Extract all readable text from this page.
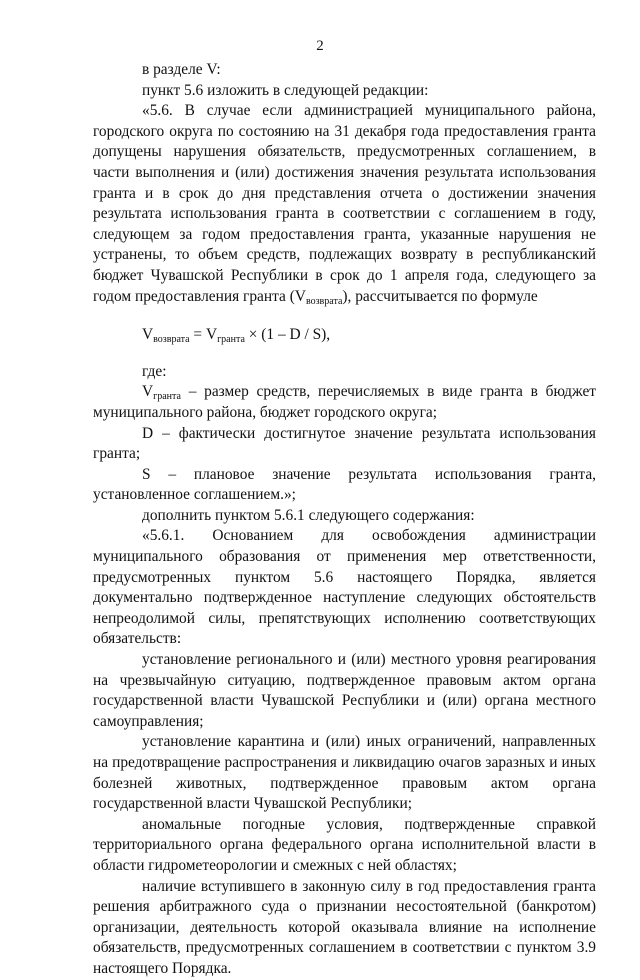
2

в разделе V:

пункт 5.6 изложить в следующей редакции:

«5.6. В случае если администрацией муниципального района, городского округа по состоянию на 31 декабря года предоставления гранта допущены нарушения обязательств, предусмотренных соглашением, в части выполнения и (или) достижения значения результата использования гранта и в срок до дня представления отчета о достижении значения результата использования гранта в соответствии с соглашением в году, следующем за годом предоставления гранта, указанные нарушения не устранены, то объем средств, подлежащих возврату в республиканский бюджет Чувашской Республики в срок до 1 апреля года, следующего за годом предоставления гранта $(V_{возврата})$, рассчитывается по формуле

$V_{возврата} = V_{гранта} \times (1 - D / S)$,

где:

$V_{гранта}$ – размер средств, перечисляемых в виде гранта в бюджет муниципального района, бюджет городского округа;

D – фактически достигнутое значение результата использования гранта;

S – плановое значение результата использования гранта, установленное соглашением.»;

дополнить пунктом 5.6.1 следующего содержания:

«5.6.1. Основанием для освобождения администрации муниципального образования от применения мер ответственности, предусмотренных пунктом 5.6 настоящего Порядка, является документально подтвержденное наступление следующих обстоятельств непреодолимой силы, препятствующих исполнению соответствующих обязательств:

установление регионального и (или) местного уровня реагирования на чрезвычайную ситуацию, подтвержденное правовым актом органа государственной власти Чувашской Республики и (или) органа местного самоуправления;

установление карантина и (или) иных ограничений, направленных на предотвращение распространения и ликвидацию очагов заразных и иных болезней животных, подтвержденное правовым актом органа государственной власти Чувашской Республики;

аномальные погодные условия, подтвержденные справкой территориального органа федерального органа исполнительной власти в области гидрометеорологии и смежных с ней областях;

наличие вступившего в законную силу в год предоставления гранта решения арбитражного суда о признании несостоятельной (банкротом) организации, деятельность которой оказывала влияние на исполнение обязательств, предусмотренных соглашением в соответствии с пунктом 3.9 настоящего Порядка.
